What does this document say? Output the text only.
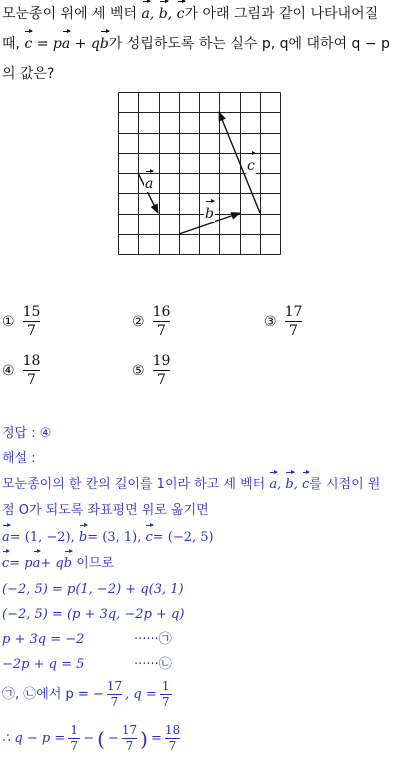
모눈종이 위에 세 벡터 a, b, c가 아래 그림과 같이 나타내어질
때, c = pa + qb가 성립하도록 하는 실수 p, q에 대하여 q − p
의 값은?
a
b
c
① $\frac{15}{7}$	② $\frac{16}{7}$	③ $\frac{17}{7}$
④ $\frac{18}{7}$	⑤ $\frac{19}{7}$
정답 : ④
해설 :
모눈종이의 한 칸의 길이를 1이라 하고 세 벡터 a, b, c를 시점이 원
점 O가 되도록 좌표평면 위로 옮기면
a= (1, −2), b= (3, 1), c= (−2, 5)
c= pa+ qb 이므로
(−2, 5) = p(1, −2) + q(3, 1)
(−2, 5) = (p + 3q, −2p + q)
p + 3q = −2	······㉠
−2p + q = 5	······㉡
㉠, ㉡에서 p = − $\frac{17}{7}$ , $q = \frac{1}{7}$
∴ $q - p = \frac{1}{7}$ − ( − $\frac{17}{7}$ ) = $\frac{18}{7}$
